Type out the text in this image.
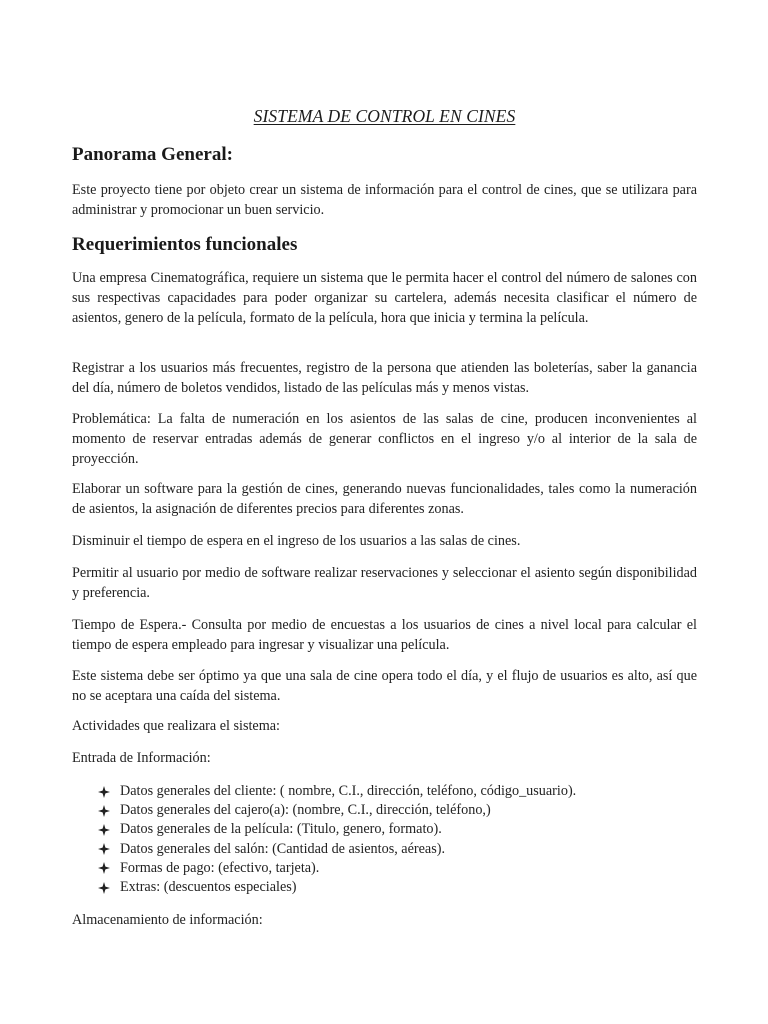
SISTEMA DE CONTROL EN CINES
Panorama General:

Este proyecto tiene por objeto crear un sistema de información para el control de cines, que se utilizara para administrar y promocionar un buen servicio.

Requerimientos funcionales

Una empresa Cinematográfica, requiere un sistema que le permita hacer el control del número de salones con sus respectivas capacidades para poder organizar su cartelera, además necesita clasificar el número de asientos, genero de la película, formato de la película, hora que inicia y termina la película.

Registrar a los usuarios más frecuentes, registro de la persona que atienden las boleterías, saber la ganancia del día, número de boletos vendidos, listado de las películas más y menos vistas.

Problemática: La falta de numeración en los asientos de las salas de cine, producen inconvenientes al momento de reservar entradas además de generar conflictos en el ingreso y/o al interior de la sala de proyección.

Elaborar un software para la gestión de cines, generando nuevas funcionalidades, tales como la numeración de asientos, la asignación de diferentes precios para diferentes zonas.

Disminuir el tiempo de espera en el ingreso de los usuarios a las salas de cines.

Permitir al usuario por medio de software realizar reservaciones y seleccionar el asiento según disponibilidad y preferencia.

Tiempo de Espera.- Consulta por medio de encuestas a los usuarios de cines a nivel local para calcular el tiempo de espera empleado para ingresar y visualizar una película.

Este sistema debe ser óptimo ya que una sala de cine opera todo el día, y el flujo de usuarios es alto, así que no se aceptara una caída del sistema.

Actividades que realizara el sistema:

Entrada de Información:

Datos generales del cliente: ( nombre, C.I., dirección, teléfono, código_usuario).
Datos generales del cajero(a): (nombre, C.I., dirección, teléfono,)
Datos generales de la película: (Titulo, genero, formato).
Datos generales del salón: (Cantidad de asientos, aéreas).
Formas de pago: (efectivo, tarjeta).
Extras: (descuentos especiales)

Almacenamiento de información:
